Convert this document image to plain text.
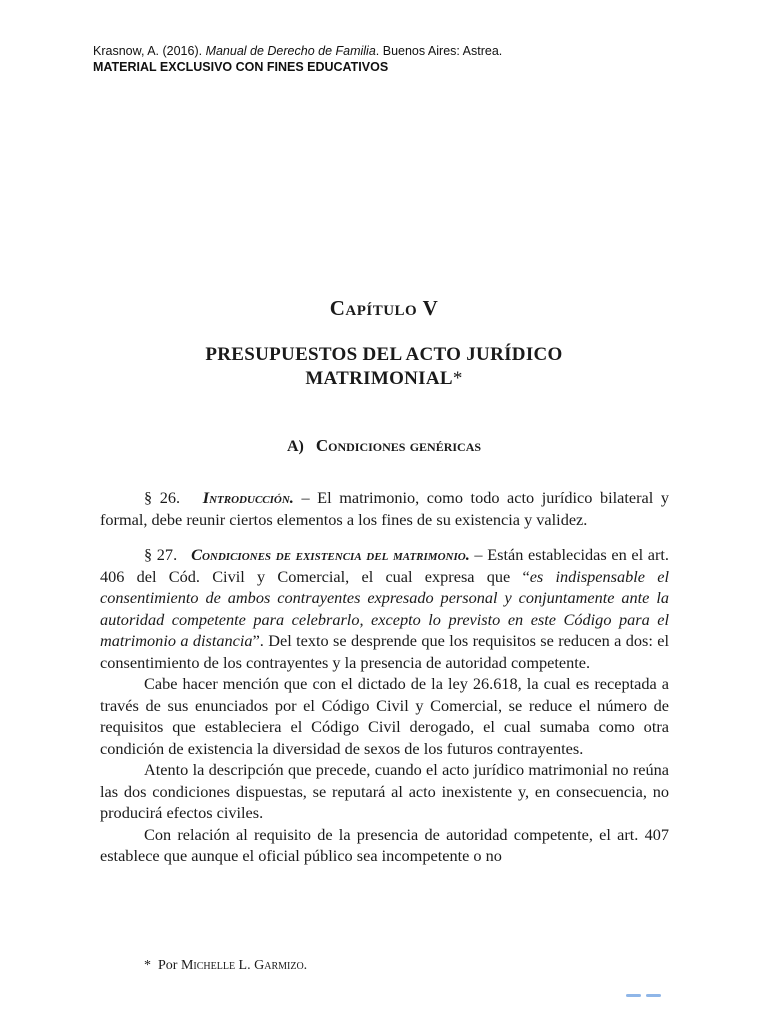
Krasnow, A. (2016). Manual de Derecho de Familia. Buenos Aires: Astrea.
MATERIAL EXCLUSIVO CON FINES EDUCATIVOS
Capítulo V
PRESUPUESTOS DEL ACTO JURÍDICO
MATRIMONIAL*
A) Condiciones genéricas

§ 26. Introducción. – El matrimonio, como todo acto jurídico bilateral y formal, debe reunir ciertos elementos a los fines de su existencia y validez.

§ 27. Condiciones de existencia del matrimonio. – Están establecidas en el art. 406 del Cód. Civil y Comercial, el cual expresa que “es indispensable el consentimiento de ambos contrayentes expresado personal y conjuntamente ante la autoridad competente para celebrarlo, excepto lo previsto en este Código para el matrimonio a distancia”. Del texto se desprende que los requisitos se reducen a dos: el consentimiento de los contrayentes y la presencia de autoridad competente.

Cabe hacer mención que con el dictado de la ley 26.618, la cual es receptada a través de sus enunciados por el Código Civil y Comercial, se reduce el número de requisitos que estableciera el Código Civil derogado, el cual sumaba como otra condición de existencia la diversidad de sexos de los futuros contrayentes.

Atento la descripción que precede, cuando el acto jurídico matrimonial no reúna las dos condiciones dispuestas, se reputará al acto inexistente y, en consecuencia, no producirá efectos civiles.

Con relación al requisito de la presencia de autoridad competente, el art. 407 establece que aunque el oficial público sea incompetente o no

* Por Michelle L. Garmizo.
